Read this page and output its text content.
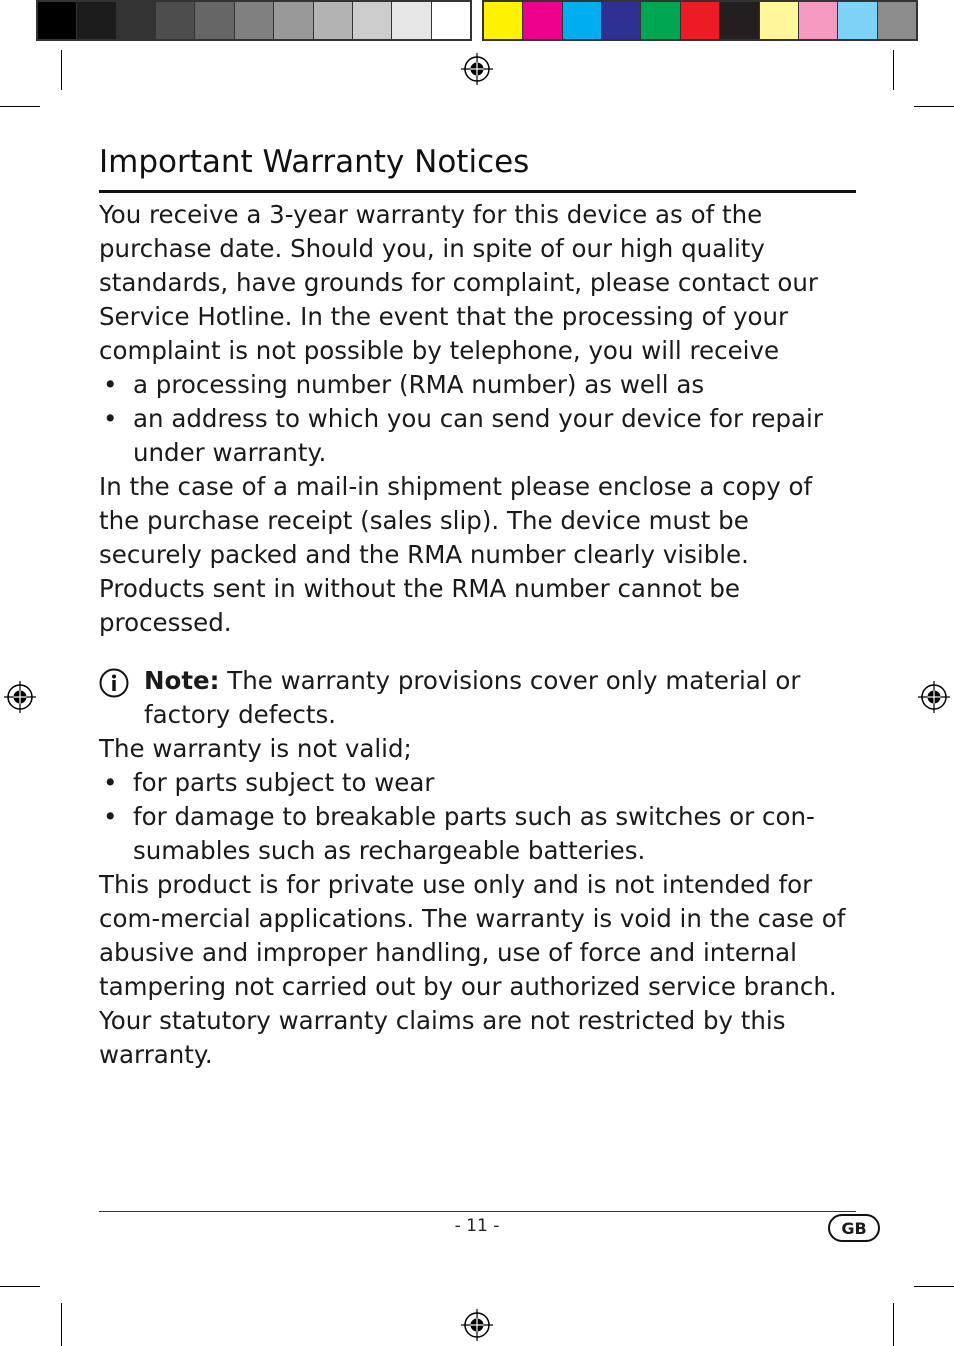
Important Warranty Notices

You receive a 3-year warranty for this device as of the purchase date. Should you, in spite of our high quality standards, have grounds for complaint, please contact our Service Hotline. In the event that the processing of your complaint is not possible by telephone, you will receive

• a processing number (RMA number) as well as
• an address to which you can send your device for repair under warranty.

In the case of a mail-in shipment please enclose a copy of the purchase receipt (sales slip). The device must be securely packed and the RMA number clearly visible. Products sent in without the RMA number cannot be processed.

Note: The warranty provisions cover only material or factory defects.

The warranty is not valid;

• for parts subject to wear
• for damage to breakable parts such as switches or con-sumables such as rechargeable batteries.

This product is for private use only and is not intended for com-mercial applications. The warranty is void in the case of abusive and improper handling, use of force and internal tampering not carried out by our authorized service branch. Your statutory warranty claims are not restricted by this warranty.

- 11 -	GB
